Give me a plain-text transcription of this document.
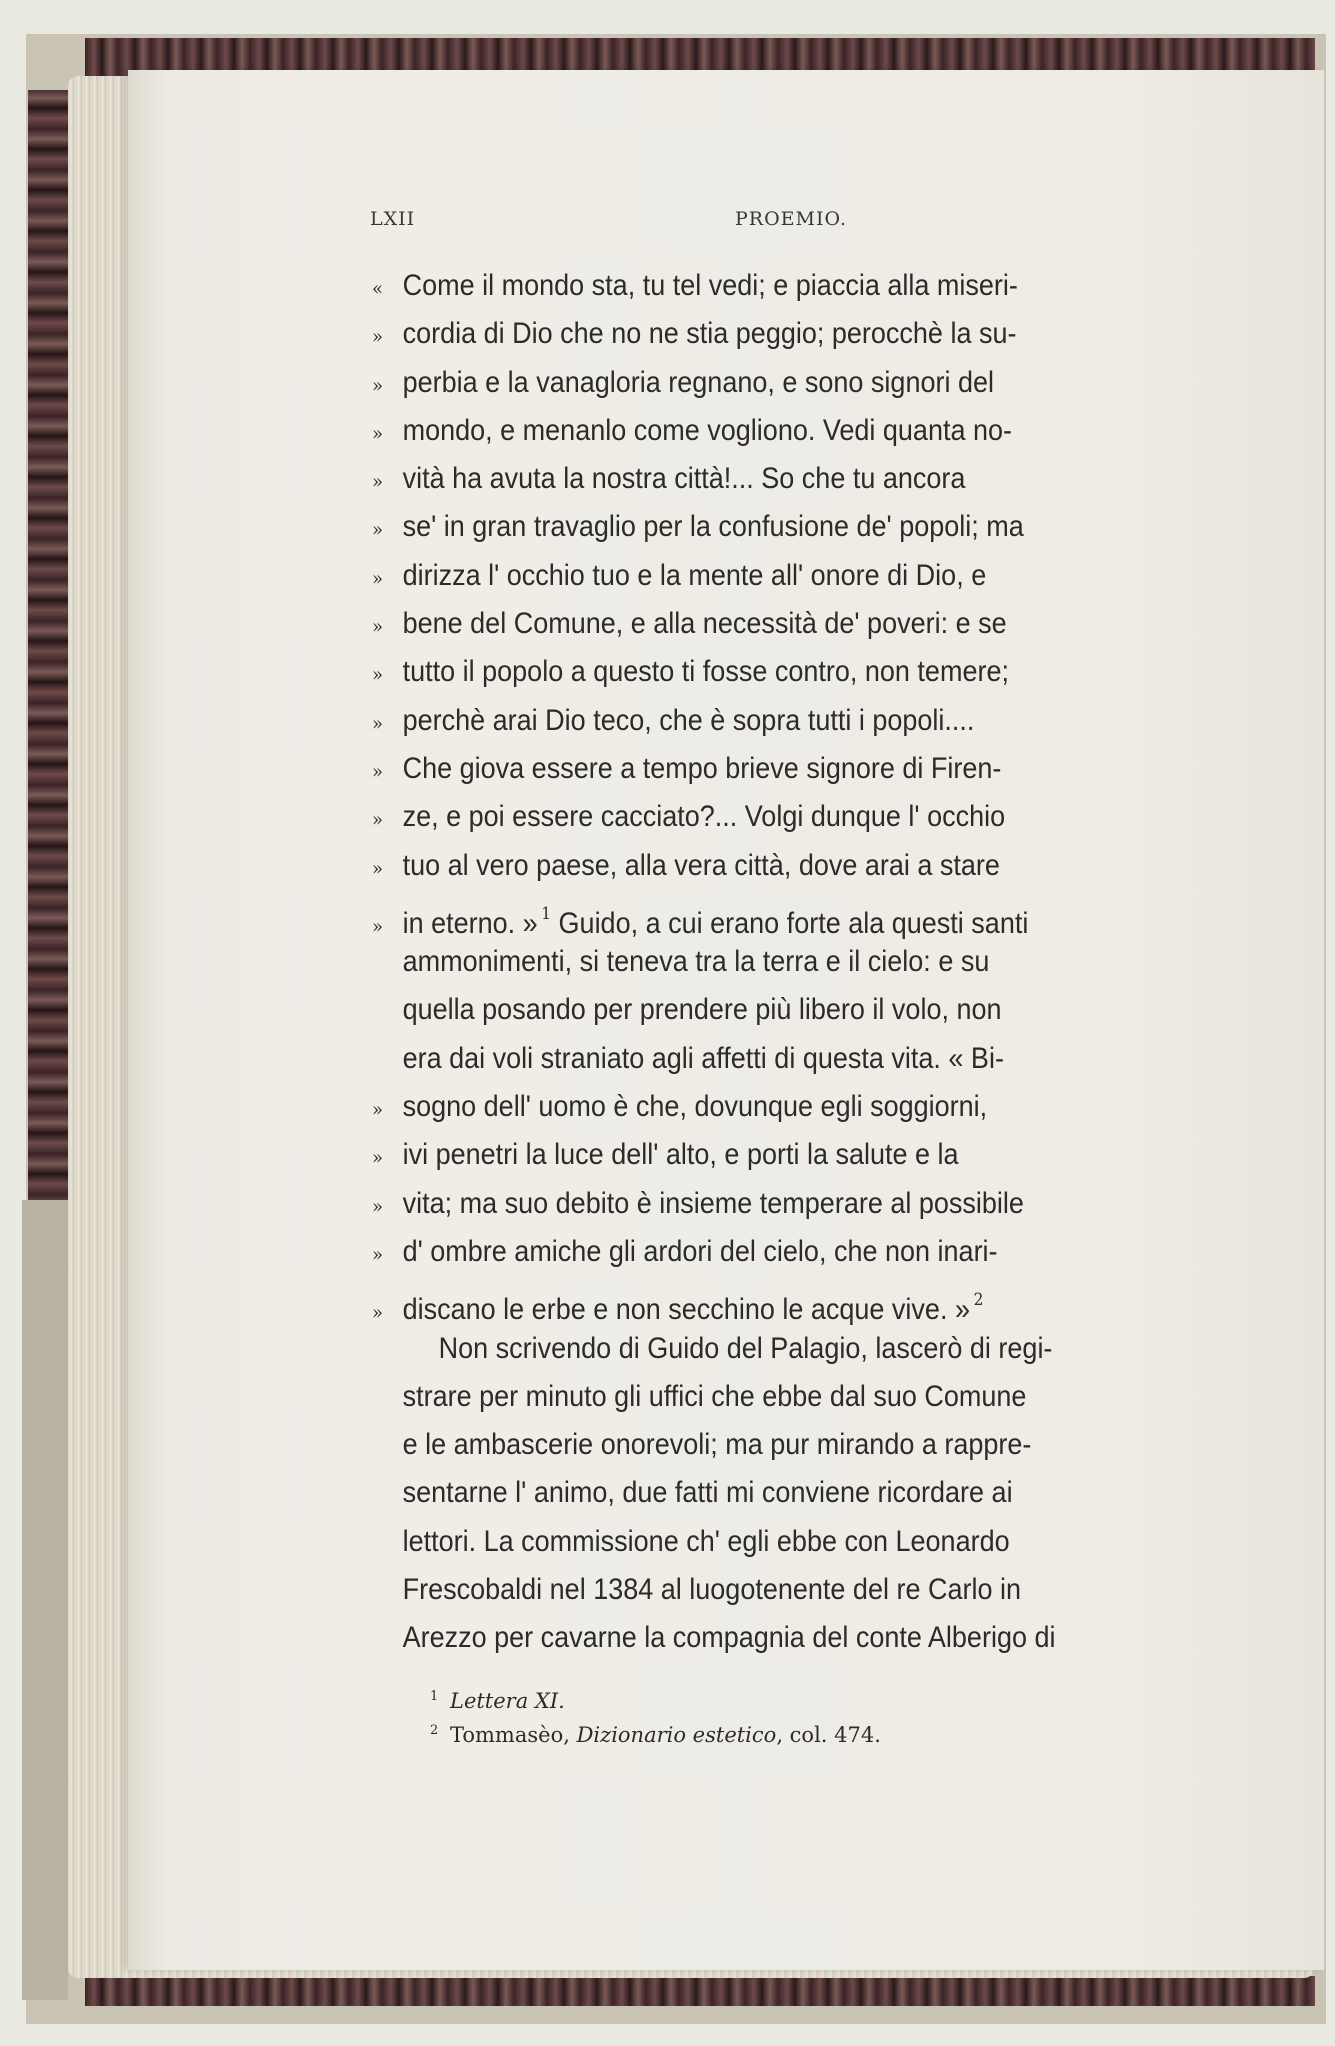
LXII	PROEMIO.
« Come il mondo sta, tu tel vedi; e piaccia alla miseri-
» cordia di Dio che no ne stia peggio; perocchè la su-
» perbia e la vanagloria regnano, e sono signori del
» mondo, e menanlo come vogliono. Vedi quanta no-
» vità ha avuta la nostra città!... So che tu ancora
» se' in gran travaglio per la confusione de' popoli; ma
» dirizza l' occhio tuo e la mente all' onore di Dio, e
» bene del Comune, e alla necessità de' poveri: e se
» tutto il popolo a questo ti fosse contro, non temere;
» perchè arai Dio teco, che è sopra tutti i popoli....
» Che giova essere a tempo brieve signore di Firen-
» ze, e poi essere cacciato?... Volgi dunque l' occhio
» tuo al vero paese, alla vera città, dove arai a stare
» in eterno. » $^1$ Guido, a cui erano forte ala questi santi
ammonimenti, si teneva tra la terra e il cielo: e su
quella posando per prendere più libero il volo, non
era dai voli straniato agli affetti di questa vita. « Bi-
» sogno dell' uomo è che, dovunque egli soggiorni,
» ivi penetri la luce dell' alto, e porti la salute e la
» vita; ma suo debito è insieme temperare al possibile
» d' ombre amiche gli ardori del cielo, che non inari-
» discano le erbe e non secchino le acque vive. » $^2$
Non scrivendo di Guido del Palagio, lascerò di regi-
strare per minuto gli uffici che ebbe dal suo Comune
e le ambascerie onorevoli; ma pur mirando a rappre-
sentarne l' animo, due fatti mi conviene ricordare ai
lettori. La commissione ch' egli ebbe con Leonardo
Frescobaldi nel 1384 al luogotenente del re Carlo in
Arezzo per cavarne la compagnia del conte Alberigo di
1 Lettera XI.
2 Tommasèo, Dizionario estetico, col. 474.
